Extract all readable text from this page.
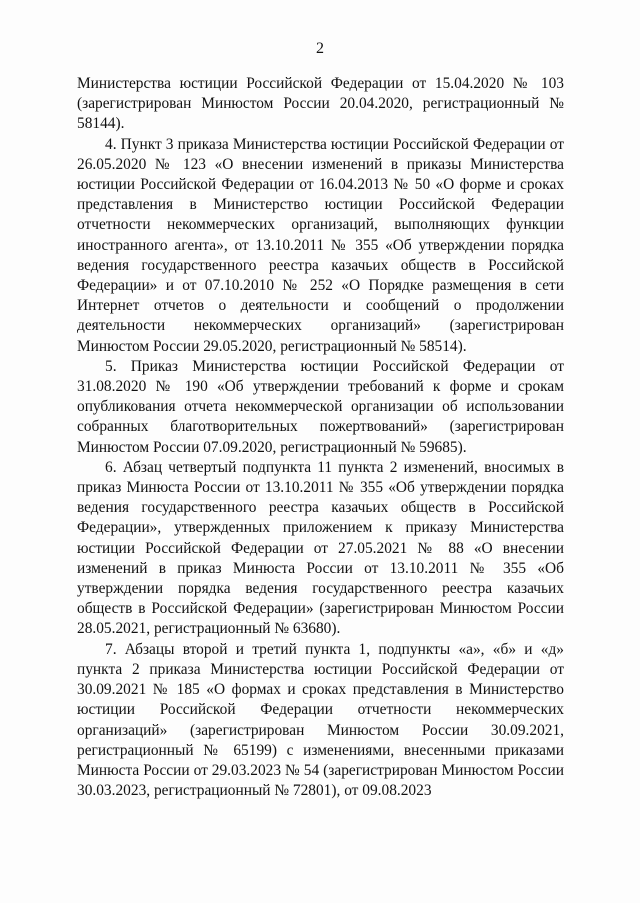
2

Министерства юстиции Российской Федерации от 15.04.2020 № 103 (зарегистрирован Минюстом России 20.04.2020, регистрационный № 58144).

4. Пункт 3 приказа Министерства юстиции Российской Федерации от 26.05.2020 № 123 «О внесении изменений в приказы Министерства юстиции Российской Федерации от 16.04.2013 № 50 «О форме и сроках представления в Министерство юстиции Российской Федерации отчетности некоммерческих организаций, выполняющих функции иностранного агента», от 13.10.2011 № 355 «Об утверждении порядка ведения государственного реестра казачьих обществ в Российской Федерации» и от 07.10.2010 № 252 «О Порядке размещения в сети Интернет отчетов о деятельности и сообщений о продолжении деятельности некоммерческих организаций» (зарегистрирован Минюстом России 29.05.2020, регистрационный № 58514).

5. Приказ Министерства юстиции Российской Федерации от 31.08.2020 № 190 «Об утверждении требований к форме и срокам опубликования отчета некоммерческой организации об использовании собранных благотворительных пожертвований» (зарегистрирован Минюстом России 07.09.2020, регистрационный № 59685).

6. Абзац четвертый подпункта 11 пункта 2 изменений, вносимых в приказ Минюста России от 13.10.2011 № 355 «Об утверждении порядка ведения государственного реестра казачьих обществ в Российской Федерации», утвержденных приложением к приказу Министерства юстиции Российской Федерации от 27.05.2021 № 88 «О внесении изменений в приказ Минюста России от 13.10.2011 № 355 «Об утверждении порядка ведения государственного реестра казачьих обществ в Российской Федерации» (зарегистрирован Минюстом России 28.05.2021, регистрационный № 63680).

7. Абзацы второй и третий пункта 1, подпункты «а», «б» и «д» пункта 2 приказа Министерства юстиции Российской Федерации от 30.09.2021 № 185 «О формах и сроках представления в Министерство юстиции Российской Федерации отчетности некоммерческих организаций» (зарегистрирован Минюстом России 30.09.2021, регистрационный № 65199) с изменениями, внесенными приказами Минюста России от 29.03.2023 № 54 (зарегистрирован Минюстом России 30.03.2023, регистрационный № 72801), от 09.08.2023
